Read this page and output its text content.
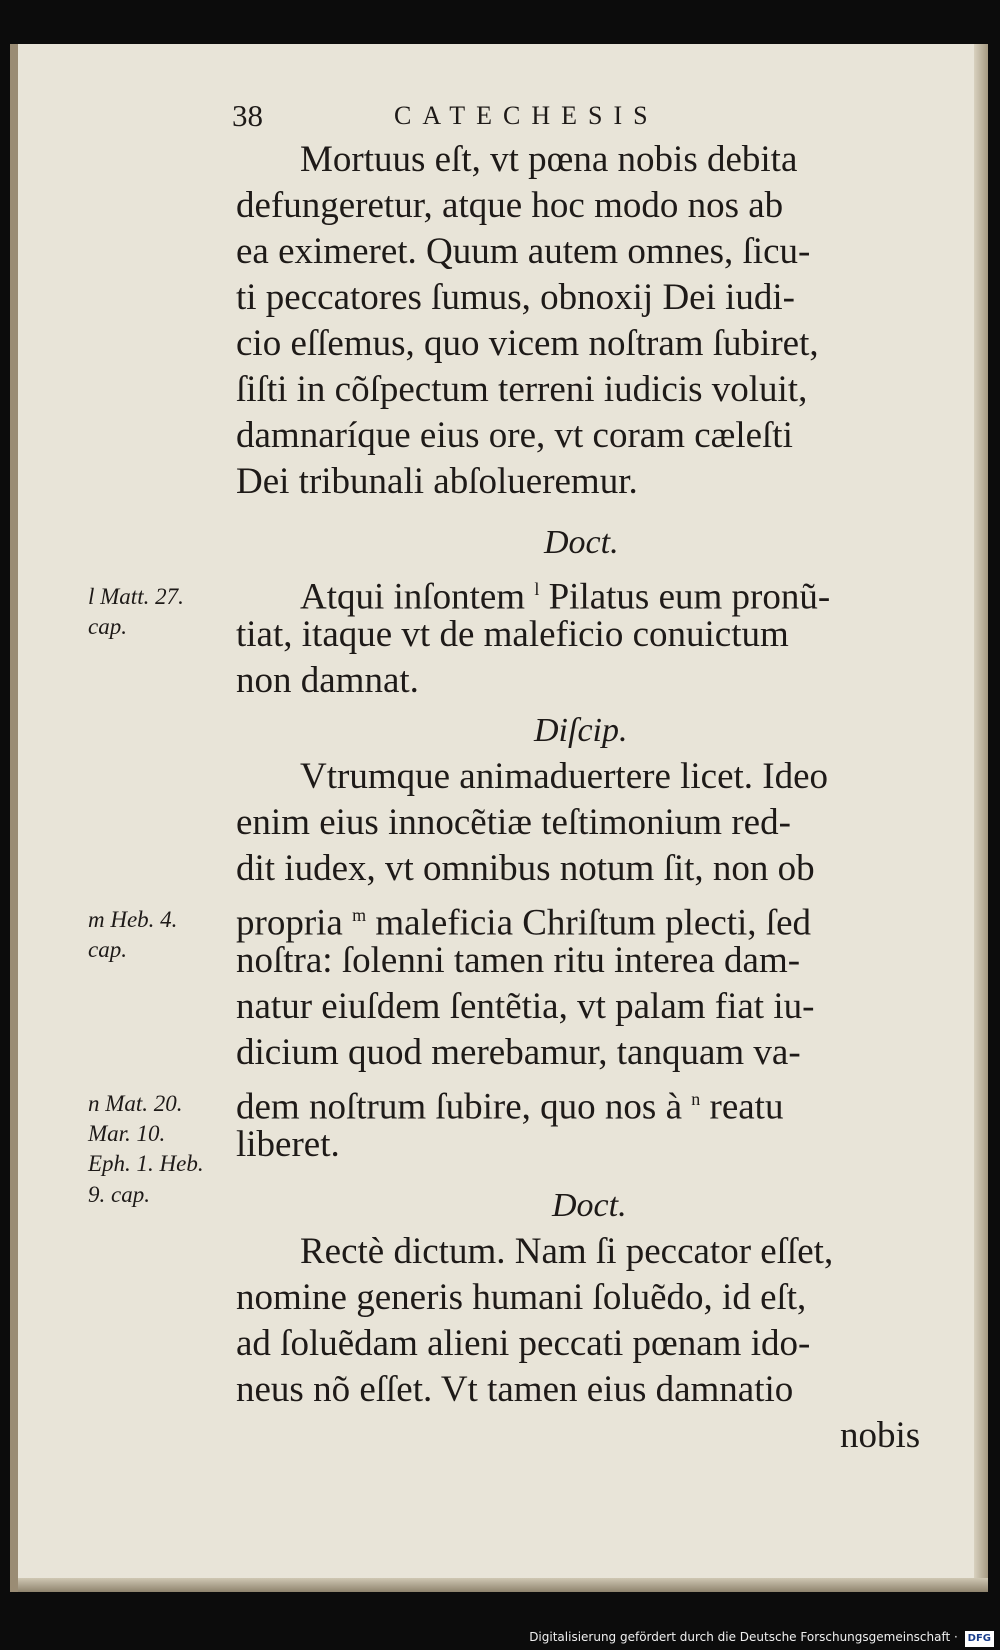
38	CATECHESIS
Mortuus eſt, vt pœna nobis debita
defungeretur, atque hoc modo nos ab
ea eximeret. Quum autem omnes, ſicu-
ti peccatores ſumus, obnoxij Dei iudi-
cio eſſemus, quo vicem noſtram ſubiret,
ſiſti in cõſpectum terreni iudicis voluit,
damnaríque eius ore, vt coram cæleſti
Dei tribunali abſolueremur.
Doct.
Atqui inſontem $^l$ Pilatus eum pronũ-
tiat, itaque vt de maleficio conuictum
non damnat.
Diſcip.
Vtrumque animaduertere licet. Ideo
enim eius innocẽtiæ teſtimonium red-
dit iudex, vt omnibus notum ſit, non ob
propria $^m$ maleficia Chriſtum plecti, ſed
noſtra: ſolenni tamen ritu interea dam-
natur eiuſdem ſentẽtia, vt palam fiat iu-
dicium quod merebamur, tanquam va-
dem noſtrum ſubire, quo nos à $^n$ reatu
liberet.
Doct.
Rectè dictum. Nam ſi peccator eſſet,
nomine generis humani ſoluẽdo, id eſt,
ad ſoluẽdam alieni peccati pœnam ido-
neus nõ eſſet. Vt tamen eius damnatio
nobis
l Matt. 27.
cap.
m Heb. 4.
cap.
n Mat. 20.
Mar. 10.
Eph. 1. Heb.
9. cap.
Digitalisierung gefördert durch die Deutsche Forschungsgemeinschaft · DFG
